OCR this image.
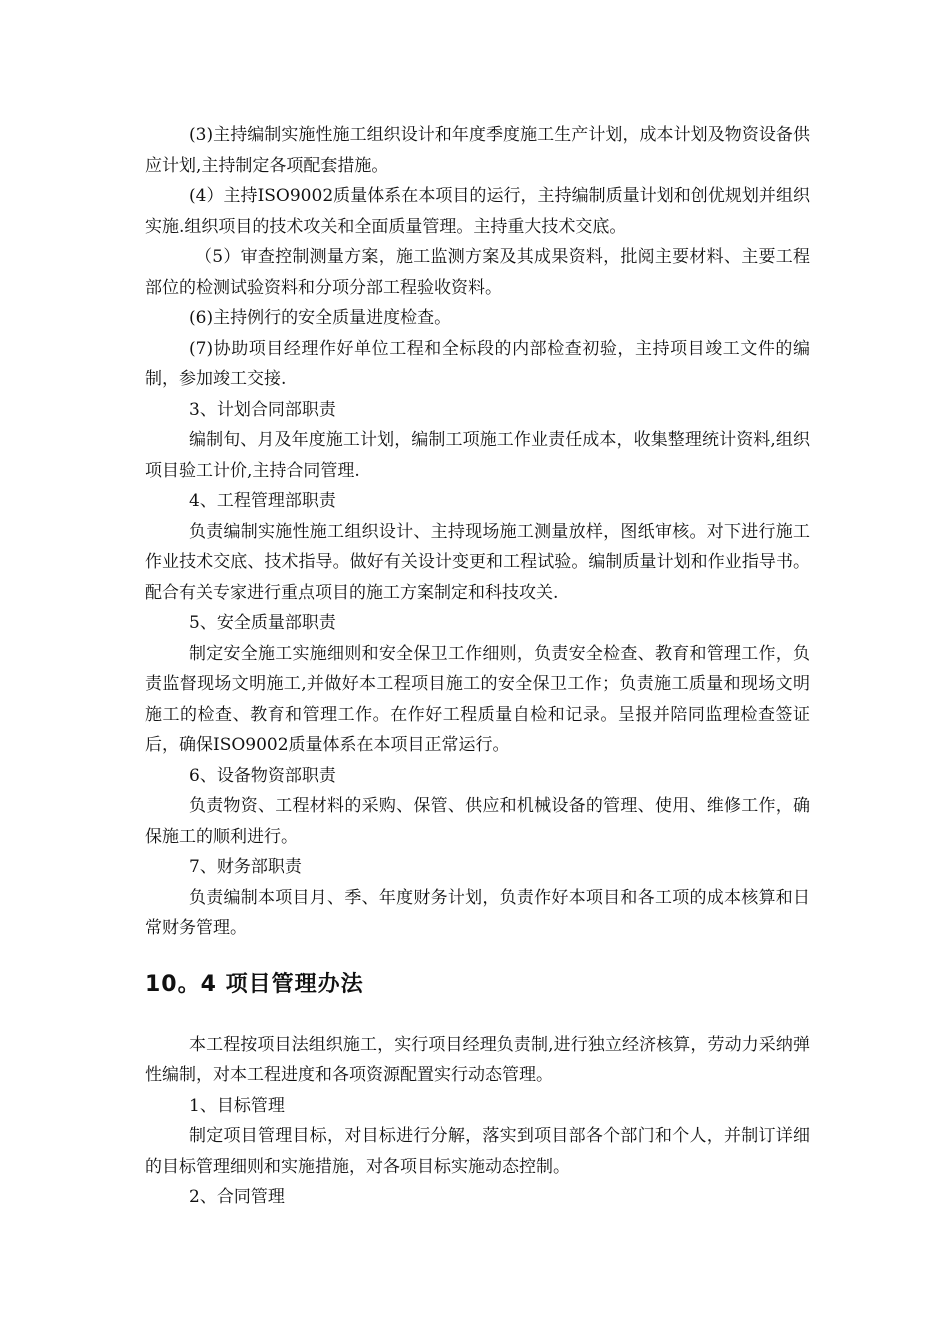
(3)主持编制实施性施工组织设计和年度季度施工生产计划，成本计划及物资设备供应计划,主持制定各项配套措施。

(4）主持ISO9002质量体系在本项目的运行，主持编制质量计划和创优规划并组织实施.组织项目的技术攻关和全面质量管理。主持重大技术交底。

（5）审查控制测量方案，施工监测方案及其成果资料，批阅主要材料、主要工程部位的检测试验资料和分项分部工程验收资料。

(6)主持例行的安全质量进度检查。

(7)协助项目经理作好单位工程和全标段的内部检查初验，主持项目竣工文件的编制，参加竣工交接.

3、计划合同部职责

编制旬、月及年度施工计划，编制工项施工作业责任成本，收集整理统计资料,组织项目验工计价,主持合同管理.

4、工程管理部职责

负责编制实施性施工组织设计、主持现场施工测量放样，图纸审核。对下进行施工作业技术交底、技术指导。做好有关设计变更和工程试验。编制质量计划和作业指导书。配合有关专家进行重点项目的施工方案制定和科技攻关.

5、安全质量部职责

制定安全施工实施细则和安全保卫工作细则，负责安全检查、教育和管理工作，负责监督现场文明施工,并做好本工程项目施工的安全保卫工作；负责施工质量和现场文明施工的检查、教育和管理工作。在作好工程质量自检和记录。呈报并陪同监理检查签证后，确保ISO9002质量体系在本项目正常运行。

6、设备物资部职责

负责物资、工程材料的采购、保管、供应和机械设备的管理、使用、维修工作，确保施工的顺利进行。

7、财务部职责

负责编制本项目月、季、年度财务计划，负责作好本项目和各工项的成本核算和日常财务管理。

10。4 项目管理办法

本工程按项目法组织施工，实行项目经理负责制,进行独立经济核算，劳动力采纳弹性编制，对本工程进度和各项资源配置实行动态管理。

1、目标管理

制定项目管理目标，对目标进行分解，落实到项目部各个部门和个人，并制订详细的目标管理细则和实施措施，对各项目标实施动态控制。

2、合同管理
